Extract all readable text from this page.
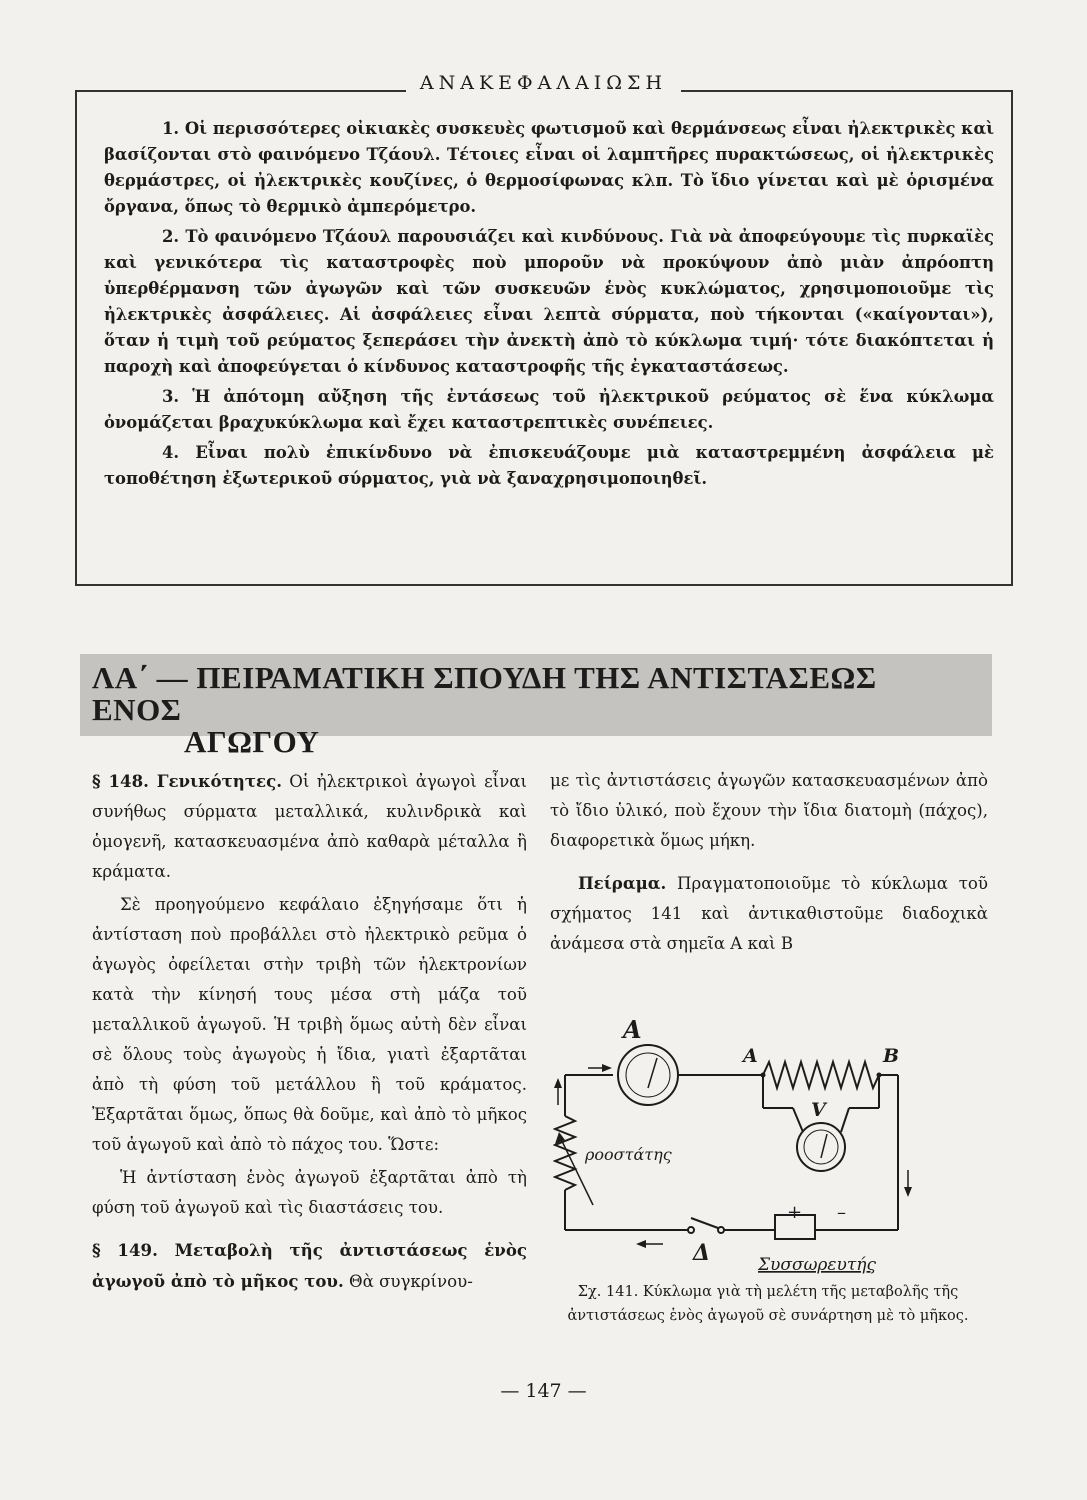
ΑΝΑΚΕΦΑΛΑΙΩΣΗ

1. Οἱ περισσότερες οἰκιακὲς συσκευὲς φωτισμοῦ καὶ θερμάνσεως εἶναι ἠλεκτρικὲς καὶ βασίζονται στὸ φαινόμενο Τζάουλ. Τέτοιες εἶναι οἱ λαμπτῆρες πυρακτώσεως, οἱ ἠλεκτρικὲς θερμάστρες, οἱ ἠλεκτρικὲς κουζίνες, ὁ θερμοσίφωνας κλπ. Τὸ ἴδιο γίνεται καὶ μὲ ὁρισμένα ὄργανα, ὅπως τὸ θερμικὸ ἀμπερόμετρο.

2. Τὸ φαινόμενο Τζάουλ παρουσιάζει καὶ κινδύνους. Γιὰ νὰ ἀποφεύγουμε τὶς πυρκαϊὲς καὶ γενικότερα τὶς καταστροφὲς ποὺ μποροῦν νὰ προκύψουν ἀπὸ μιὰν ἀπρόοπτη ὑπερθέρμανση τῶν ἀγωγῶν καὶ τῶν συσκευῶν ἑνὸς κυκλώματος, χρησιμοποιοῦμε τὶς ἠλεκτρικὲς ἀσφάλειες. Αἱ ἀσφάλειες εἶναι λεπτὰ σύρματα, ποὺ τήκονται («καίγονται»), ὅταν ἡ τιμὴ τοῦ ρεύματος ξεπεράσει τὴν ἀνεκτὴ ἀπὸ τὸ κύκλωμα τιμή· τότε διακόπτεται ἡ παροχὴ καὶ ἀποφεύγεται ὁ κίνδυνος καταστροφῆς τῆς ἐγκαταστάσεως.

3. Ἡ ἀπότομη αὔξηση τῆς ἐντάσεως τοῦ ἠλεκτρικοῦ ρεύματος σὲ ἕνα κύκλωμα ὀνομάζεται βραχυκύκλωμα καὶ ἔχει καταστρεπτικὲς συνέπειες.

4. Εἶναι πολὺ ἐπικίνδυνο νὰ ἐπισκευάζουμε μιὰ καταστρεμμένη ἀσφάλεια μὲ τοποθέτηση ἐξωτερικοῦ σύρματος, γιὰ νὰ ξαναχρησιμοποιηθεῖ.

ΛΑ΄ — ΠΕΙΡΑΜΑΤΙΚΗ ΣΠΟΥΔΗ ΤΗΣ ΑΝΤΙΣΤΑΣΕΩΣ ΕΝΟΣ
ΑΓΩΓΟΥ

§ 148. Γενικότητες. Οἱ ἠλεκτρικοὶ ἀγωγοὶ εἶναι συνήθως σύρματα μεταλλικά, κυλινδρικὰ καὶ ὁμογενῆ, κατασκευασμένα ἀπὸ καθαρὰ μέταλλα ἢ κράματα.

Σὲ προηγούμενο κεφάλαιο ἐξηγήσαμε ὅτι ἡ ἀντίσταση ποὺ προβάλλει στὸ ἠλεκτρικὸ ρεῦμα ὁ ἀγωγὸς ὀφείλεται στὴν τριβὴ τῶν ἠλεκτρονίων κατὰ τὴν κίνησή τους μέσα στὴ μάζα τοῦ μεταλλικοῦ ἀγωγοῦ. Ἡ τριβὴ ὅμως αὐτὴ δὲν εἶναι σὲ ὅλους τοὺς ἀγωγοὺς ἡ ἴδια, γιατὶ ἐξαρτᾶται ἀπὸ τὴ φύση τοῦ μετάλλου ἢ τοῦ κράματος. Ἐξαρτᾶται ὅμως, ὅπως θὰ δοῦμε, καὶ ἀπὸ τὸ μῆκος τοῦ ἀγωγοῦ καὶ ἀπὸ τὸ πάχος του. Ὥστε:

Ἡ ἀντίσταση ἑνὸς ἀγωγοῦ ἐξαρτᾶται ἀπὸ τὴ φύση τοῦ ἀγωγοῦ καὶ τὶς διαστάσεις του.

§ 149. Μεταβολὴ τῆς ἀντιστάσεως ἑνὸς ἀγωγοῦ ἀπὸ τὸ μῆκος του. Θὰ συγκρίνου-

με τὶς ἀντιστάσεις ἀγωγῶν κατασκευασμένων ἀπὸ τὸ ἴδιο ὑλικό, ποὺ ἔχουν τὴν ἴδια διατομὴ (πάχος), διαφορετικὰ ὅμως μήκη.

Πείραμα. Πραγματοποιοῦμε τὸ κύκλωμα τοῦ σχήματος 141 καὶ ἀντικαθιστοῦμε διαδοχικὰ ἀνάμεσα στὰ σημεῖα Α καὶ Β

A
A	B
V
ροοστάτης
+ –
Δ	Συσσωρευτής
Σχ. 141. Κύκλωμα γιὰ τὴ μελέτη τῆς μεταβολῆς τῆς ἀντιστάσεως ἑνὸς ἀγωγοῦ σὲ συνάρτηση μὲ τὸ μῆκος.
— 147 —
